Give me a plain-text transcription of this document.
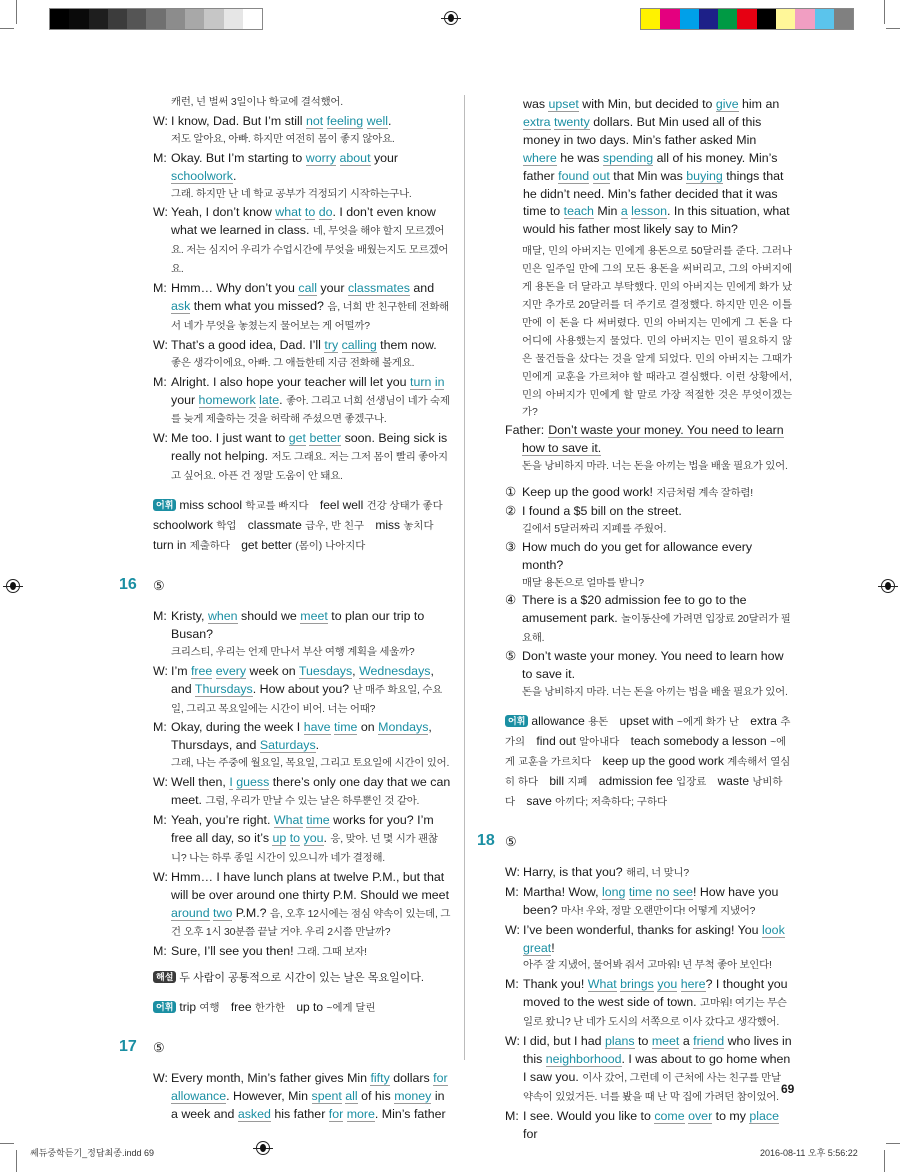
캐런, 넌 벌써 3일이나 학교에 결석했어.
W: I know, Dad. But I’m still not feeling well.
저도 알아요, 아빠. 하지만 여전히 몸이 좋지 않아요.
M: Okay. But I’m starting to worry about your schoolwork.
그래. 하지만 난 네 학교 공부가 걱정되기 시작하는구나.
W: Yeah, I don’t know what to do. I don’t even know what we learned in class. 네, 무엇을 해야 할지 모르겠어요. 저는 심지어 우리가 수업시간에 무엇을 배웠는지도 모르겠어요.
M: Hmm… Why don’t you call your classmates and ask them what you missed? 음, 너희 반 친구한테 전화해서 네가 무엇을 놓쳤는지 물어보는 게 어떨까?
W: That’s a good idea, Dad. I’ll try calling them now.
좋은 생각이에요, 아빠. 그 애들한테 지금 전화해 볼게요.
M: Alright. I also hope your teacher will let you turn in your homework late. 좋아. 그리고 너희 선생님이 네가 숙제를 늦게 제출하는 것을 허락해 주셨으면 좋겠구나.
W: Me too. I just want to get better soon. Being sick is really not helping. 저도 그래요. 저는 그저 몸이 빨리 좋아지고 싶어요. 아픈 건 정말 도움이 안 돼요.
어휘 miss school 학교를 빠지다 feel well 건강 상태가 좋다 schoolwork 학업 classmate 급우, 반 친구 miss 놓치다 turn in 제출하다 get better (몸이) 나아지다
16 ⑤
M: Kristy, when should we meet to plan our trip to Busan?
크리스티, 우리는 언제 만나서 부산 여행 계획을 세울까?
W: I’m free every week on Tuesdays, Wednesdays, and Thursdays. How about you? 난 매주 화요일, 수요일, 그리고 목요일에는 시간이 비어. 너는 어때?
M: Okay, during the week I have time on Mondays, Thursdays, and Saturdays.
그래, 나는 주중에 월요일, 목요일, 그리고 토요일에 시간이 있어.
W: Well then, I guess there’s only one day that we can meet. 그럼, 우리가 만날 수 있는 날은 하루뿐인 것 같아.
M: Yeah, you’re right. What time works for you? I’m free all day, so it’s up to you. 응, 맞아. 넌 몇 시가 괜찮니? 나는 하루 종일 시간이 있으니까 네가 결정해.
W: Hmm… I have lunch plans at twelve P.M., but that will be over around one thirty P.M. Should we meet around two P.M.? 음, 오후 12시에는 점심 약속이 있는데, 그건 오후 1시 30분쯤 끝날 거야. 우리 2시쯤 만날까?
M: Sure, I’ll see you then! 그래. 그때 보자!
해설 두 사람이 공통적으로 시간이 있는 날은 목요일이다.
어휘 trip 여행 free 한가한 up to ~에게 달린
17 ⑤
W: Every month, Min’s father gives Min fifty dollars for allowance. However, Min spent all of his money in a week and asked his father for more. Min’s father
was upset with Min, but decided to give him an extra twenty dollars. But Min used all of this money in two days. Min’s father asked Min where he was spending all of his money. Min’s father found out that Min was buying things that he didn’t need. Min’s father decided that it was time to teach Min a lesson. In this situation, what would his father most likely say to Min?
매달, 민의 아버지는 민에게 용돈으로 50달러를 준다. 그러나 민은 일주일 만에 그의 모든 용돈을 써버리고, 그의 아버지에게 용돈을 더 달라고 부탁했다. 민의 아버지는 민에게 화가 났지만 추가로 20달러를 더 주기로 결정했다. 하지만 민은 이틀 만에 이 돈을 다 써버렸다. 민의 아버지는 민에게 그 돈을 다 어디에 사용했는지 물었다. 민의 아버지는 민이 필요하지 않은 물건들을 샀다는 것을 알게 되었다. 민의 아버지는 그때가 민에게 교훈을 가르쳐야 할 때라고 결심했다. 이런 상황에서, 민의 아버지가 민에게 할 말로 가장 적절한 것은 무엇이겠는가?
Father: Don’t waste your money. You need to learn how to save it.
돈을 낭비하지 마라. 너는 돈을 아끼는 법을 배울 필요가 있어.
① Keep up the good work! 지금처럼 계속 잘하렴!
② I found a $5 bill on the street.
길에서 5달러짜리 지폐를 주웠어.
③ How much do you get for allowance every month?
매달 용돈으로 얼마를 받니?
④ There is a $20 admission fee to go to the amusement park. 놀이동산에 가려면 입장료 20달러가 필요해.
⑤ Don’t waste your money. You need to learn how to save it.
돈을 낭비하지 마라. 너는 돈을 아끼는 법을 배울 필요가 있어.
어휘 allowance 용돈 upset with ~에게 화가 난 extra 추가의 find out 알아내다 teach somebody a lesson ~에게 교훈을 가르치다 keep up the good work 계속해서 열심히 하다 bill 지폐 admission fee 입장료 waste 낭비하다 save 아끼다; 저축하다; 구하다
18 ⑤
W: Harry, is that you? 해리, 너 맞니?
M: Martha! Wow, long time no see! How have you been? 마사! 우와, 정말 오랜만이다! 어떻게 지냈어?
W: I’ve been wonderful, thanks for asking! You look great!
아주 잘 지냈어, 물어봐 줘서 고마워! 넌 무척 좋아 보인다!
M: Thank you! What brings you here? I thought you moved to the west side of town. 고마워! 여기는 무슨 일로 왔니? 난 네가 도시의 서쪽으로 이사 갔다고 생각했어.
W: I did, but I had plans to meet a friend who lives in this neighborhood. I was about to go home when I saw you. 이사 갔어, 그런데 이 근처에 사는 친구를 만날 약속이 있었거든. 너를 봤을 때 난 막 집에 가려던 참이었어.
M: I see. Would you like to come over to my place for
69
쎄듀중학듣기_정답최종.indd 69	2016-08-11 오후 5:56:22
